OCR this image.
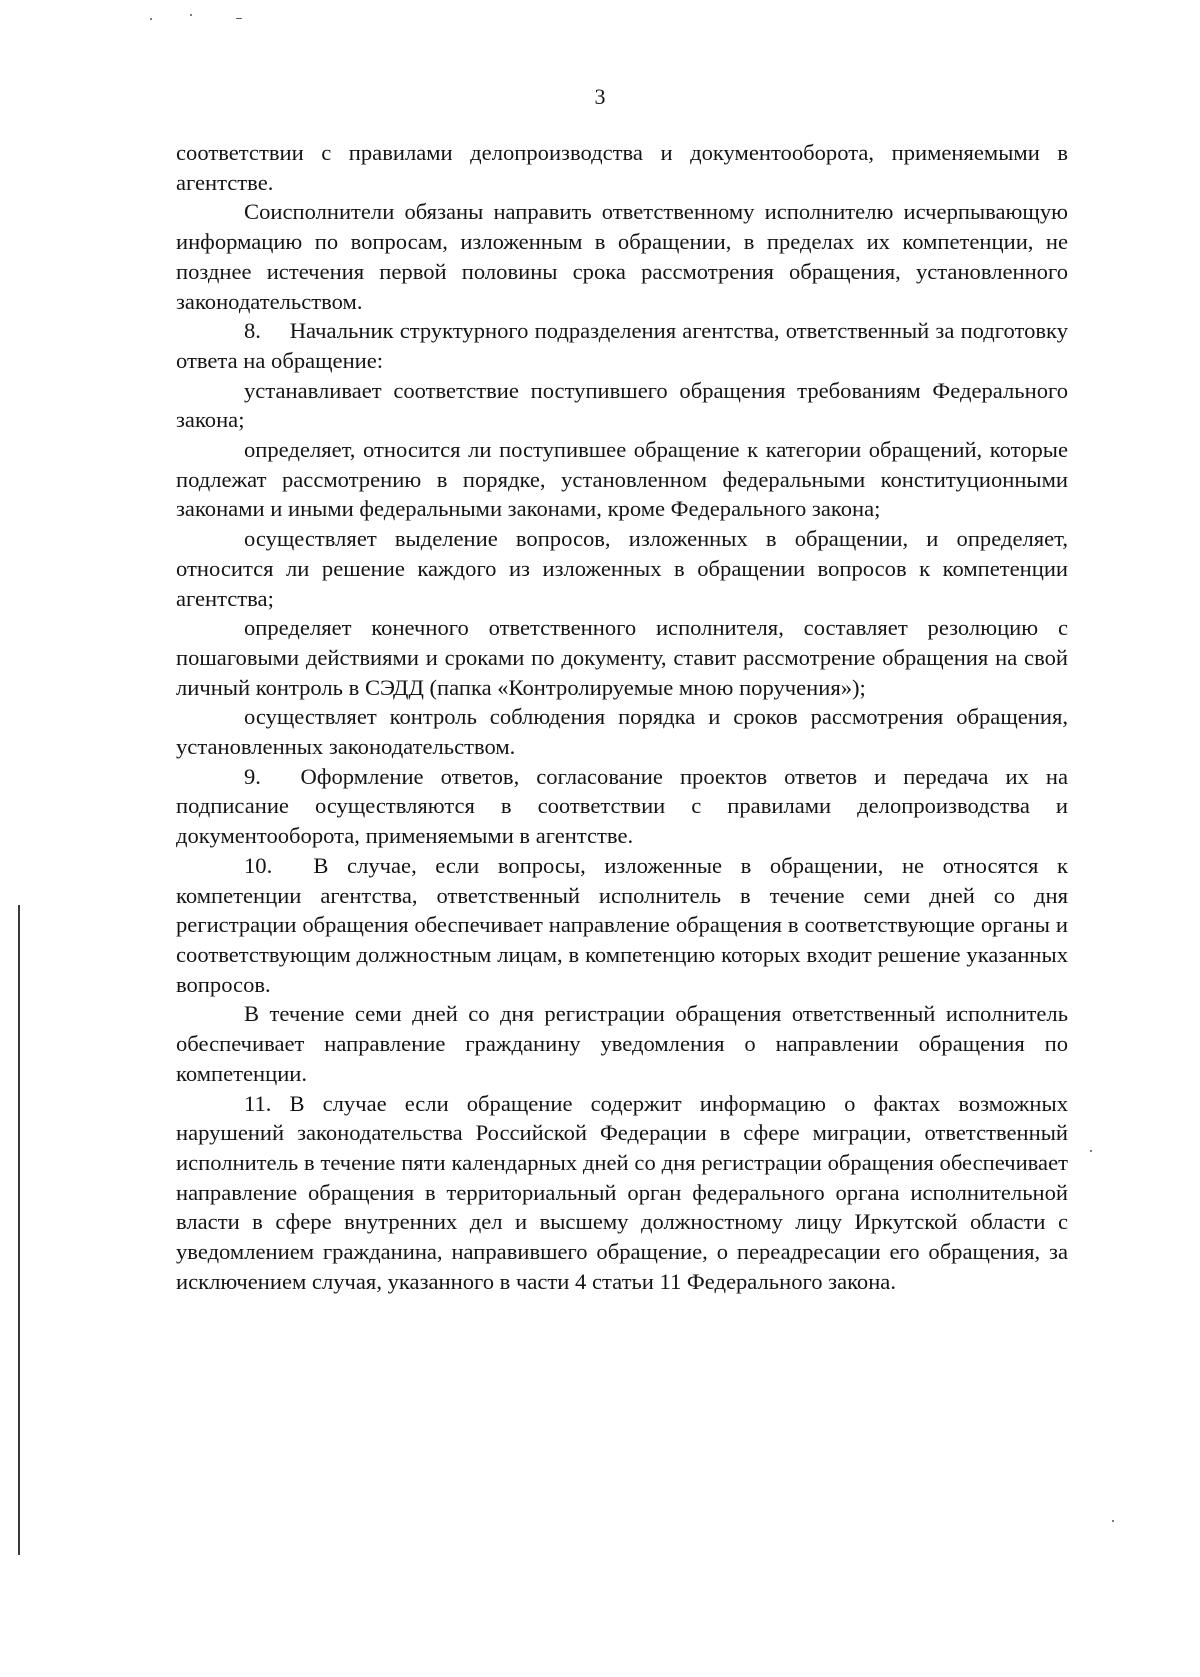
3

соответствии с правилами делопроизводства и документооборота, применяемыми в агентстве.

Соисполнители обязаны направить ответственному исполнителю исчерпывающую информацию по вопросам, изложенным в обращении, в пределах их компетенции, не позднее истечения первой половины срока рассмотрения обращения, установленного законодательством.

8.  Начальник структурного подразделения агентства, ответственный за подготовку ответа на обращение:

устанавливает соответствие поступившего обращения требованиям Федерального закона;

определяет, относится ли поступившее обращение к категории обращений, которые подлежат рассмотрению в порядке, установленном федеральными конституционными законами и иными федеральными законами, кроме Федерального закона;

осуществляет выделение вопросов, изложенных в обращении, и определяет, относится ли решение каждого из изложенных в обращении вопросов к компетенции агентства;

определяет конечного ответственного исполнителя, составляет резолюцию с пошаговыми действиями и сроками по документу, ставит рассмотрение обращения на свой личный контроль в СЭДД (папка «Контролируемые мною поручения»);

осуществляет контроль соблюдения порядка и сроков рассмотрения обращения, установленных законодательством.

9.  Оформление ответов, согласование проектов ответов и передача их на подписание осуществляются в соответствии с правилами делопроизводства и документооборота, применяемыми в агентстве.

10.  В случае, если вопросы, изложенные в обращении, не относятся к компетенции агентства, ответственный исполнитель в течение семи дней со дня регистрации обращения обеспечивает направление обращения в соответствующие органы и соответствующим должностным лицам, в компетенцию которых входит решение указанных вопросов.

В течение семи дней со дня регистрации обращения ответственный исполнитель обеспечивает направление гражданину уведомления о направлении обращения по компетенции.

11. В случае если обращение содержит информацию о фактах возможных нарушений законодательства Российской Федерации в сфере миграции, ответственный исполнитель в течение пяти календарных дней со дня регистрации обращения обеспечивает направление обращения в территориальный орган федерального органа исполнительной власти в сфере внутренних дел и высшему должностному лицу Иркутской области с уведомлением гражданина, направившего обращение, о переадресации его обращения, за исключением случая, указанного в части 4 статьи 11 Федерального закона.
